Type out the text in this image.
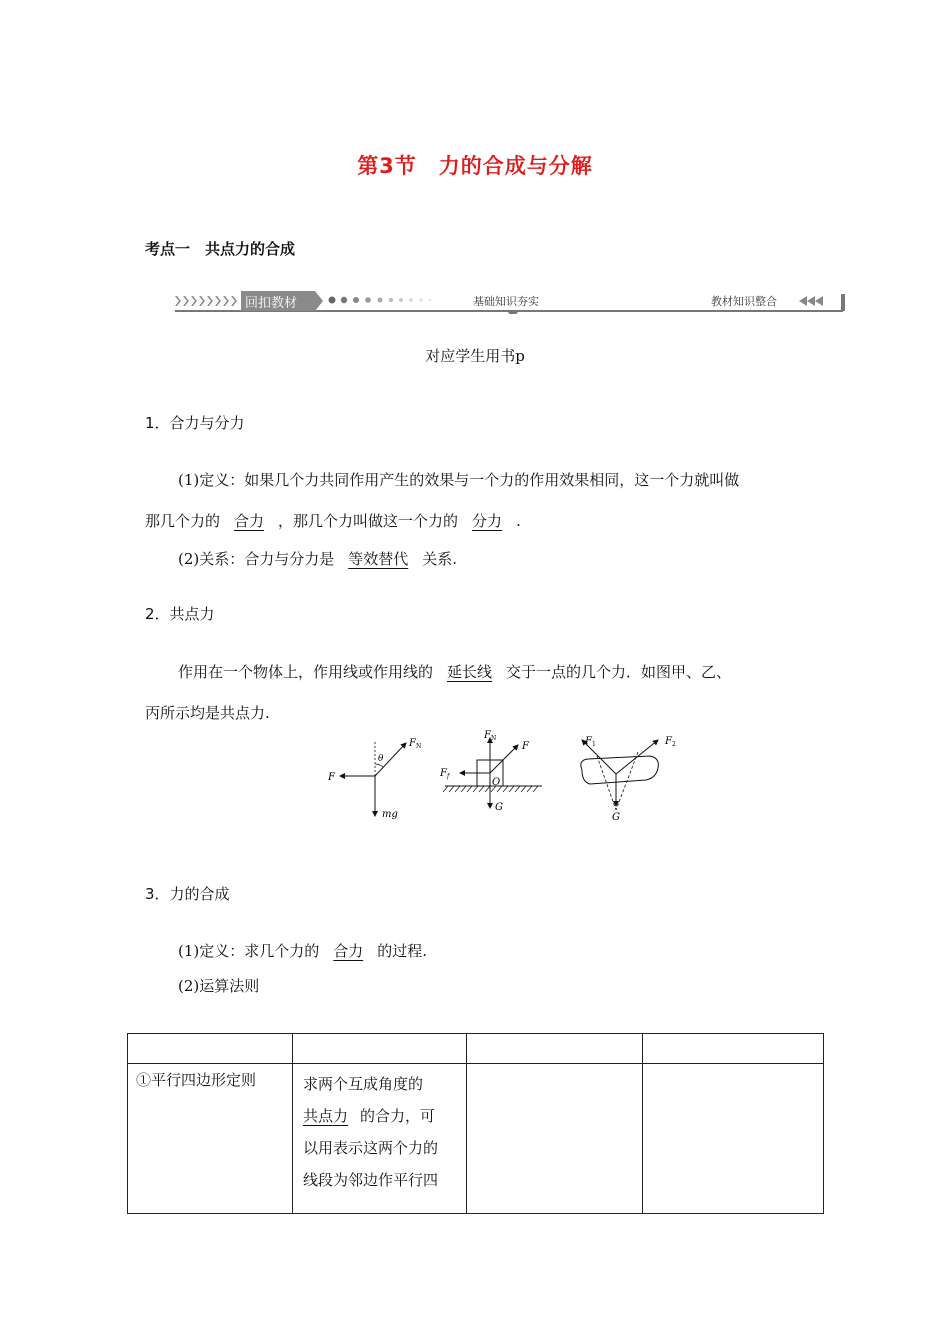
第3节　力的合成与分解
考点一　共点力的合成
回扣教材	基础知识夯实	教材知识整合
对应学生用书p
1．合力与分力
(1)定义：如果几个力共同作用产生的效果与一个力的作用效果相同，这一个力就叫做
那几个力的 合力 ，那几个力叫做这一个力的 分力 .
(2)关系：合力与分力是 等效替代 关系.
2．共点力
作用在一个物体上，作用线或作用线的 延长线 交于一点的几个力．如图甲、乙、
丙所示均是共点力.
F
$F_N$
θ
mg
$F_N$
F
$F_f$
O
G
$F_1$	$F_2$
G
3．力的合成
(1)定义：求几个力的 合力 的过程.
(2)运算法则

①平行四边形定则	求两个互成角度的
共点力 的合力，可
以用表示这两个力的
线段为邻边作平行四		
